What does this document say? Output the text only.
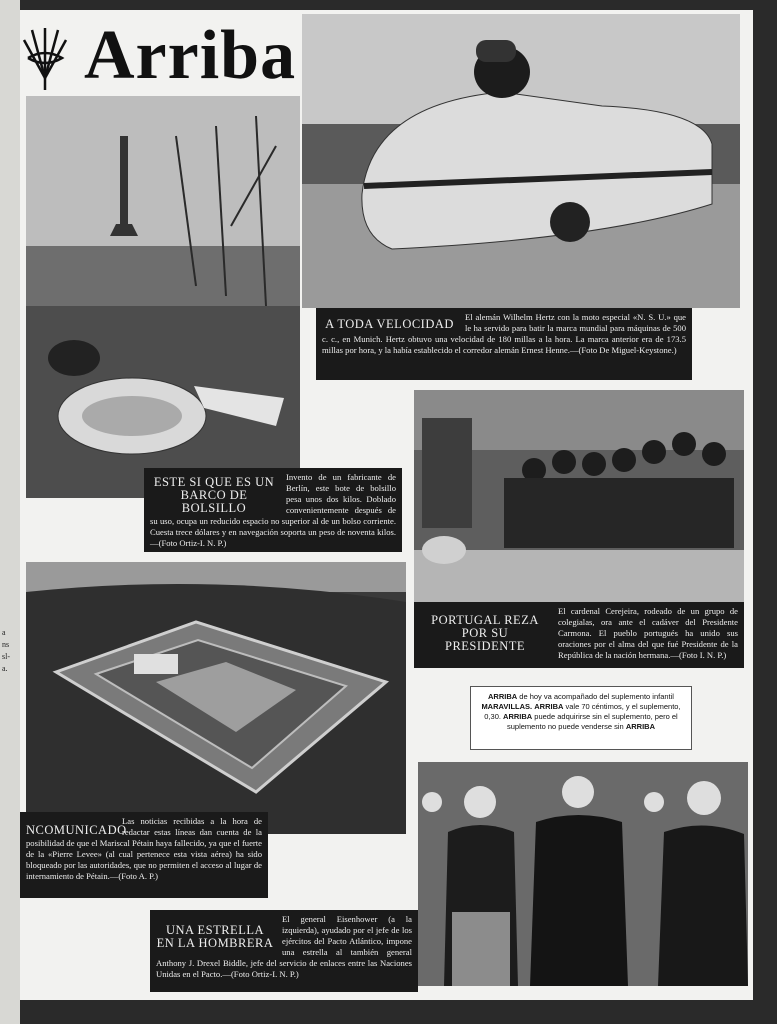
a
ns
sl-
a.
Arriba
A TODA VELOCIDAD	El alemán Wilhelm Hertz con la moto especial «N. S. U.» que le ha servido para batir la marca mundial para máquinas de 500 c. c., en Munich. Hertz obtuvo una velocidad de 180 millas a la hora. La marca anterior era de 173.5 millas por hora, y la había establecido el corredor alemán Ernest Henne.—(Foto De Miguel-Keystone.)
ESTE SI QUE ES UN BARCO DE BOLSILLO
Invento de un fabricante de Berlín, este bote de bolsillo pesa unos dos kilos. Doblado convenientemente después de su uso, ocupa un reducido espacio no superior al de un bolso corriente. Cuesta trece dólares y en navegación soporta un peso de noventa kilos.—(Foto Ortiz-I. N. P.)
PORTUGAL REZA POR SU PRESIDENTE
El cardenal Cerejeira, rodeado de un grupo de colegialas, ora ante el cadáver del Presidente Carmona. El pueblo portugués ha unido sus oraciones por el alma del que fué Presidente de la República de la nación hermana.—(Foto I. N. P.)
NCOMUNICADO
Las noticias recibidas a la hora de redactar estas líneas dan cuenta de la posibilidad de que el Mariscal Pétain haya fallecido, ya que el fuerte de la «Pierre Levee» (al cual pertenece esta vista aérea) ha sido bloqueado por las autoridades, que no permiten el acceso al lugar de internamiento de Pétain.—(Foto A. P.)
ARRIBA de hoy va acompañado del suplemento infantil MARAVILLAS. ARRIBA vale 70 céntimos, y el suplemento, 0,30. ARRIBA puede adquirirse sin el suplemento, pero el suplemento no puede venderse sin ARRIBA
UNA ESTRELLA EN LA HOMBRERA
El general Eisenhower (a la izquierda), ayudado por el jefe de los ejércitos del Pacto Atlántico, impone una estrella al también general Anthony J. Drexel Biddle, jefe del servicio de enlaces entre las Naciones Unidas en el Pacto.—(Foto Ortiz-I. N. P.)
